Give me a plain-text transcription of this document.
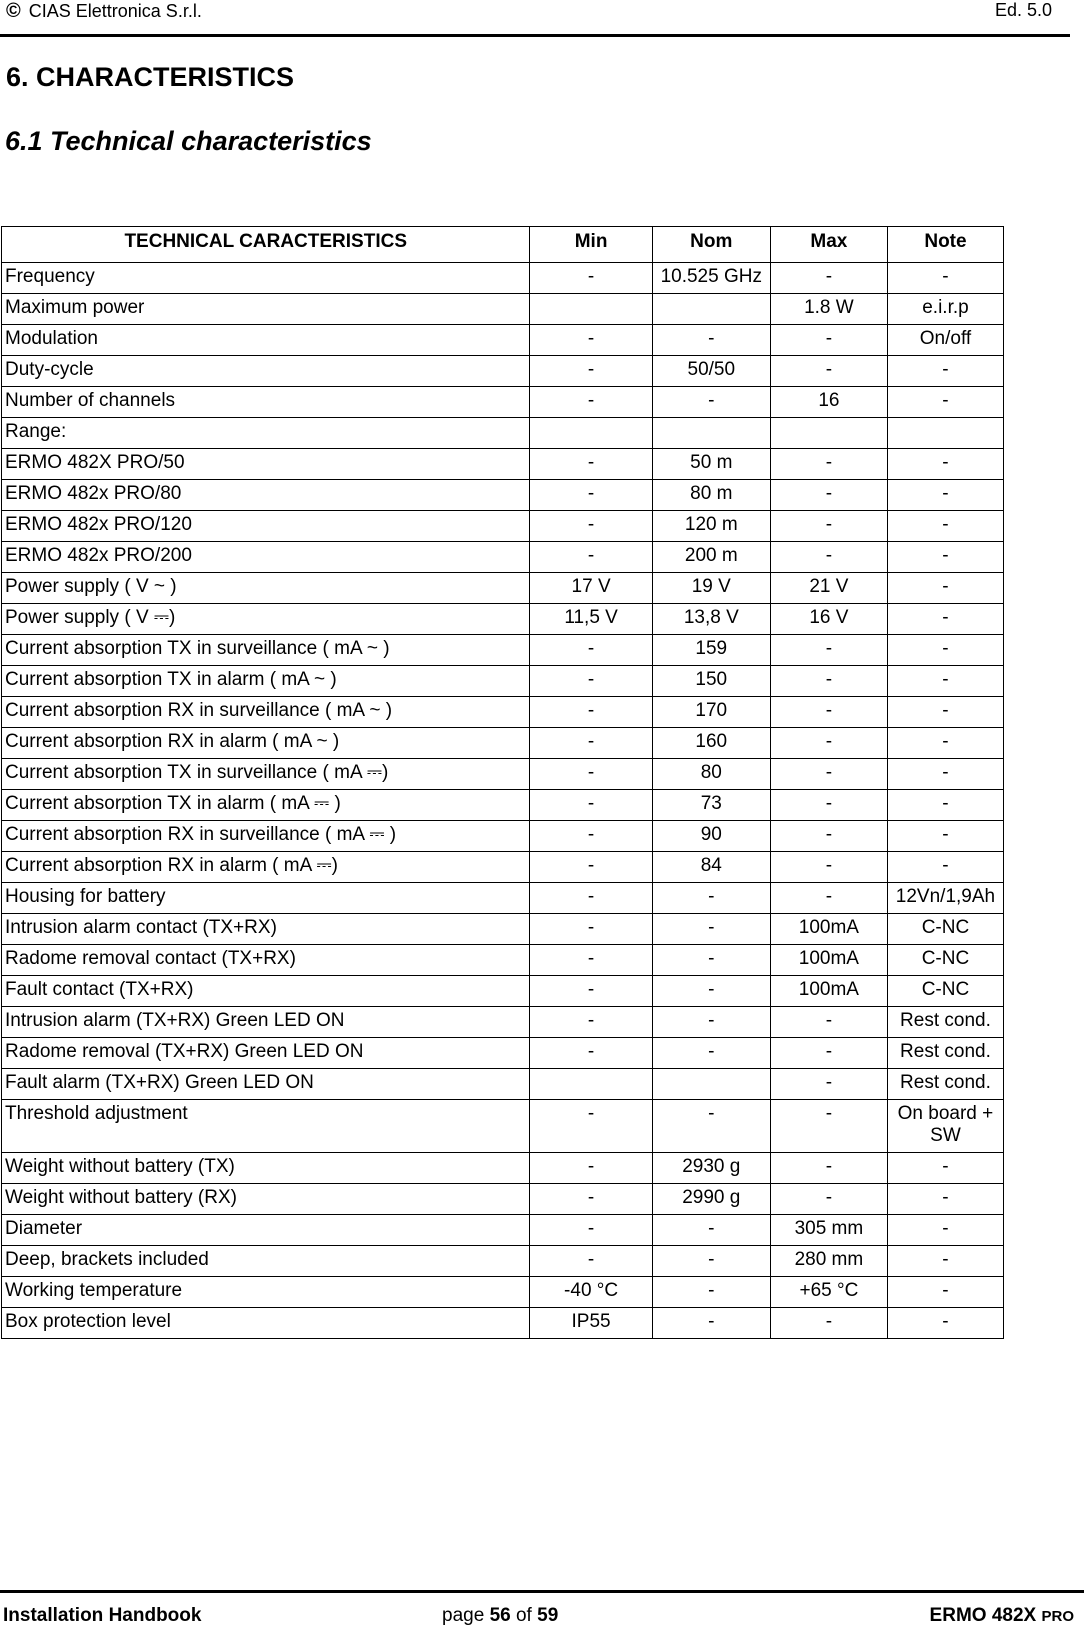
© CIAS Elettronica S.r.l.	Ed. 5.0
6. CHARACTERISTICS
6.1 Technical characteristics
TECHNICAL CARACTERISTICS	Min	Nom	Max	Note
Frequency	-	10.525 GHz	-	-
Maximum power			1.8 W	e.i.r.p
Modulation	-	-	-	On/off
Duty-cycle	-	50/50	-	-
Number of channels	-	-	16	-
Range:				
ERMO 482X PRO/50	-	50 m	-	-
ERMO 482x PRO/80	-	80 m	-	-
ERMO 482x PRO/120	-	120 m	-	-
ERMO 482x PRO/200	-	200 m	-	-
Power supply ( V ~ )	17 V	19 V	21 V	-
Power supply ( V ⎓)	11,5 V	13,8 V	16 V	-
Current absorption TX in surveillance ( mA ~ )	-	159	-	-
Current absorption TX in alarm ( mA ~ )	-	150	-	-
Current absorption RX in surveillance ( mA ~ )	-	170	-	-
Current absorption RX in alarm ( mA ~ )	-	160	-	-
Current absorption TX in surveillance ( mA ⎓)	-	80	-	-
Current absorption TX in alarm ( mA ⎓ )	-	73	-	-
Current absorption RX in surveillance ( mA ⎓ )	-	90	-	-
Current absorption RX in alarm ( mA ⎓)	-	84	-	-
Housing for battery	-	-	-	12Vn/1,9Ah
Intrusion alarm contact (TX+RX)	-	-	100mA	C-NC
Radome removal contact (TX+RX)	-	-	100mA	C-NC
Fault contact (TX+RX)	-	-	100mA	C-NC
Intrusion alarm (TX+RX) Green LED ON	-	-	-	Rest cond.
Radome removal (TX+RX) Green LED ON	-	-	-	Rest cond.
Fault alarm (TX+RX) Green LED ON			-	Rest cond.
Threshold adjustment	-	-	-	On board + SW
Weight without battery (TX)	-	2930 g	-	-
Weight without battery (RX)	-	2990 g	-	-
Diameter	-	-	305 mm	-
Deep, brackets included	-	-	280 mm	-
Working temperature	-40 °C	-	+65 °C	-
Box protection level	IP55	-	-	-
Installation Handbook	page 56 of 59	ERMO 482X PRO
